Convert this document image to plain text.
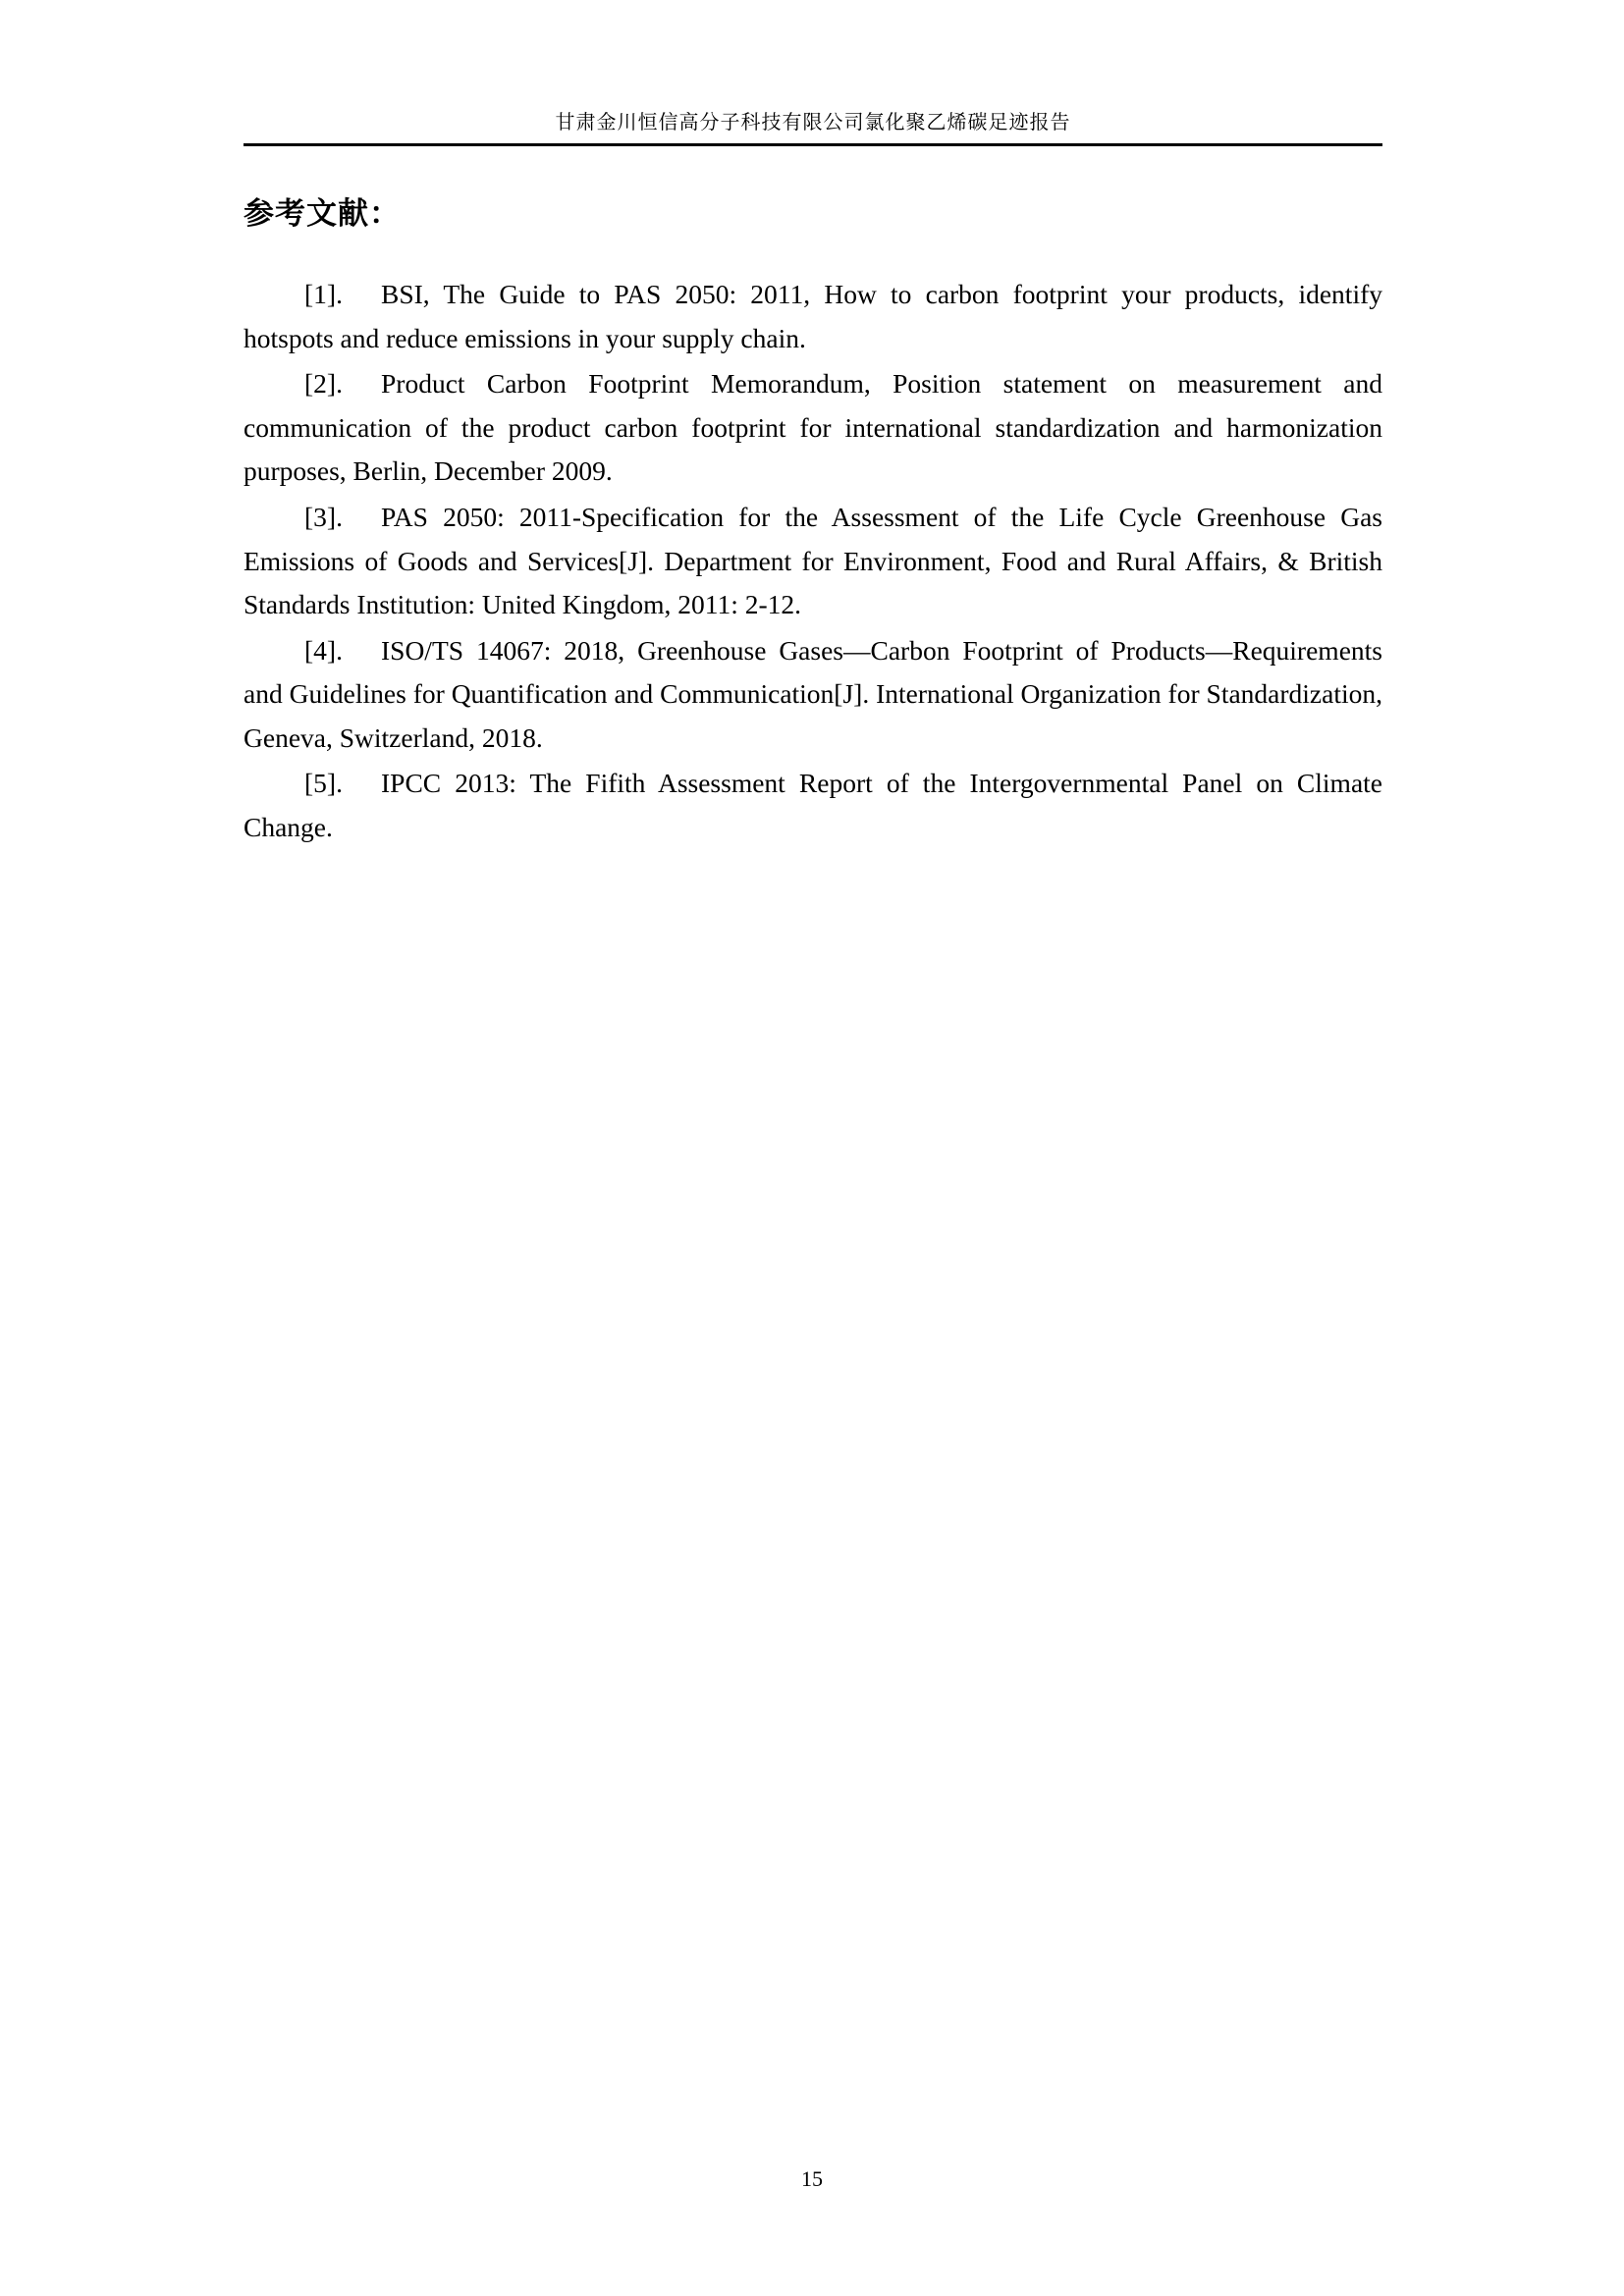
甘肃金川恒信高分子科技有限公司氯化聚乙烯碳足迹报告
参考文献：
[1]. BSI, The Guide to PAS 2050: 2011, How to carbon footprint your products, identify hotspots and reduce emissions in your supply chain.
[2]. Product Carbon Footprint Memorandum, Position statement on measurement and communication of the product carbon footprint for international standardization and harmonization purposes, Berlin, December 2009.
[3]. PAS 2050: 2011-Specification for the Assessment of the Life Cycle Greenhouse Gas Emissions of Goods and Services[J]. Department for Environment, Food and Rural Affairs, & British Standards Institution: United Kingdom, 2011: 2-12.
[4]. ISO/TS 14067: 2018, Greenhouse Gases—Carbon Footprint of Products—Requirements and Guidelines for Quantification and Communication[J]. International Organization for Standardization, Geneva, Switzerland, 2018.
[5]. IPCC 2013: The Fifith Assessment Report of the Intergovernmental Panel on Climate Change.
15
